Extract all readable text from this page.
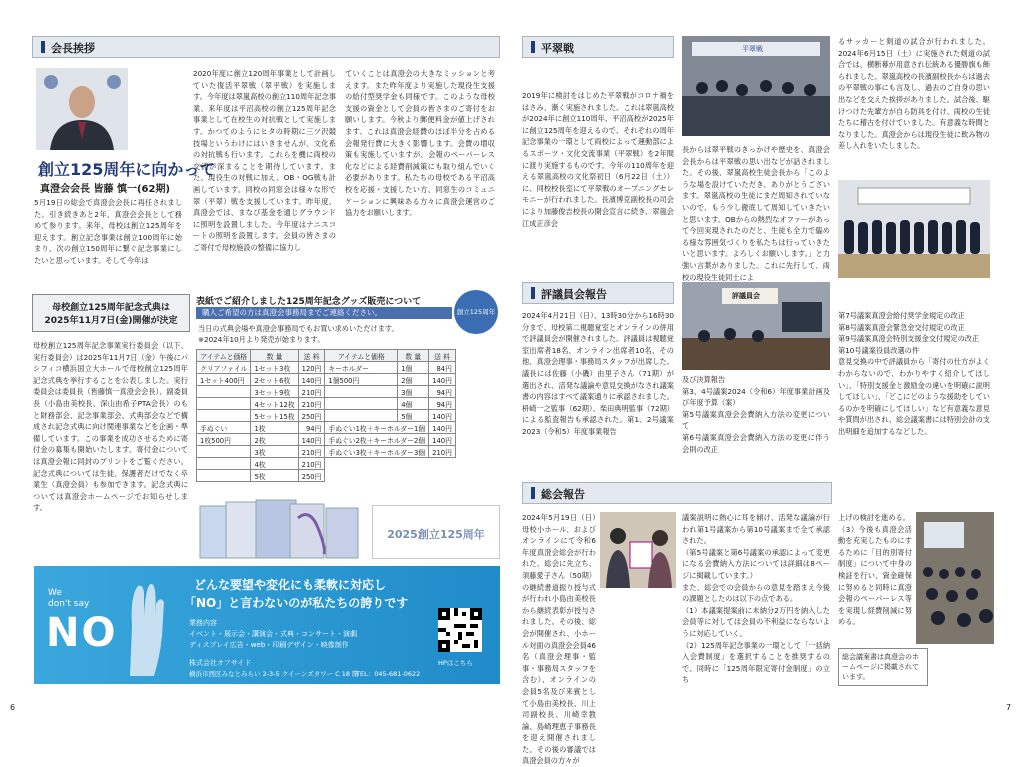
会長挨拶
創立125周年に向かって
真澄会会長 皆藤 慎一(62期)
5月19日の総会で真澄会会長に再任されました。引き続きあと2年、真澄会会長として務めて参ります。来年、母校は創立125周年を迎えます。創立記念事業は創立100周年に始まり、次の創立150周年に繋ぐ記念事業にしたいと思っています。そして今年は
2020年度に創立120周年事業として計画していた復活平翠戦（翠平戦）を実施します。今年度は翠嵐高校の創立110周年記念事業、来年度は平沼高校の創立125周年記念事業として在校生の対抗戦として実施します。かつてのようにヒタの時期に三ツ沢競技場というわけにはいきませんが、文化系の対抗戦も行います。これらを機に両校の交流が深まることを期待しています。また、現役生の対戦に加え、OB・OG戦も計画しています。同校の同窓会は様々な形で翠（平翠）戦を支援しています。昨年度、真澄会では、まなび基金を通じグラウンドに照明を設置しました。今年度はナニスコートの照明を設置します。会員の皆さまのご寄付で母校施設の整備に協力し
ていくことは真澄会の大きなミッションと考えます。また昨年度より実施した現役生支援の給付型奨学金も同様です。このような母校支援の資金として会員の皆さまのご寄付をお願いします。今秋より郵便料金が値上げされます。これは真澄会経費のほぼ半分を占める会報発行費に大きく影響します。会費の増収策も実施していますが、会報のペーパーレス化などによる経費削減策にも取り組んでいく必要があります。私たちの母校である平沼高校を応援・支援したい方、同窓生のコミュニケーションに興味ある方々に真澄会運営のご協力をお願いします。
母校創立125周年記念式典は
2025年11月7日(金)開催が決定
母校創立125周年記念事業実行委員会（以下、実行委員会）は2025年11月7日（金）午後にパシフィコ横浜国立大ホールで母校創立125周年記念式典を挙行することを公表しました。実行委員会は委員長（皆藤慎一真澄会会長）、副委員長（小島由美校長、深山由希子PTA会長）のもと財務部会、記念事業部会、式典部会などで構成され記念式典に向け関連事業などを企画・準備しています。この事業を成功させるために寄付金の募集も開始いたします。寄付金については真澄会報に同封のプリントをご覧ください。記念式典については生徒、保護者だけでなく卒業生（真澄会員）も参加できます。記念式典については真澄会ホームページでお知らせします。
表紙でご紹介しました125周年記念グッズ販売について
購入ご希望の方は真澄会事務局までご連絡ください。
当日の式典会場や真澄会事務局でもお買い求めいただけます。
※2024年10月より発売が始まります。
創立125周年
アイテムと価格	数 量	送 料	アイテムと価格	数 量	送 料
クリアファイル	1セット3枚	120円	キーホルダー	1個	84円
1セット400円	2セット6枚	140円	1個500円	2個	140円
	3セット9枚	210円		3個	94円
	4セット12枚	210円		4個	94円
	5セット15枚	250円		5個	140円
手ぬぐい	1枚	94円	手ぬぐい1枚＋キーホルダー1個		140円
1枚500円	2枚	140円	手ぬぐい2枚＋キーホルダー2個		140円
	3枚	210円	手ぬぐい3枚＋キーホルダー3個		210円
	4枚	210円			
	5枚	250円			
2025創立125周年
We
don't say
NO
どんな要望や変化にも柔軟に対応し
「NO」と言わないのが私たちの誇りです
業務内容
イベント・展示会・講演会・式典・コンサート・演劇
ディスプレイ広告・web・印刷デザイン・映像制作
株式会社オフサイド
横浜市西区みなとみらい 2-3-5 クイーンズタワー C 18 階
TEL：045-681-0622
HPはこちら
6
平翠戦	平翠戦
2019年に検討をはじめた平翠戦がコロナ禍をはさみ、漸く実施されました。これは翠嵐高校が2024年に創立110周年、平沼高校が2025年に創立125周年を迎えるので、それぞれの周年記念事業の一環として両校によって運動部によるスポーツ・文化交流事業（平翠戦）を2年間に渡り実施するものです。今年の110周年を迎える翠嵐高校の文化祭初日（6月22日（土））に、同校校長室にて平翠戦のオープニングセレモニーが行われました。長濱博克副校長の司会により加藤俊吉校長の開会宣言に続き、翠嵐会江成正彦会
長からは翠平戦のきっかけや歴史を、真澄会会長からは平翠戦の思い出などが話されました。その後、翠嵐高校生徒会長から「このような場を設けていただき、ありがとうございます。翠嵐高校の生徒にまだ周知されていないので、もう少し徹底して周知していきたいと思います。OBからの熱烈なオファーがあって今回実現されたのだと、生徒も全力で臨める様な雰囲気づくりを私たちは行っていきたいと思います。よろしくお願いします。」と力強い言葉がありました。これに先行して、両校の現役生徒同士によ
るサッカーと剣道の試合が行われました。2024年6月15日（土）に実施された剣道の試合では、横断幕が用意され伝統ある優勝旗も飾られました。翠嵐高校の長濱副校長からは過去の平翠戦の事にも言及し、過去のご自身の思い出などを交えた挨拶がありました。試合後、駆けつけた先輩方が自ら防具を付け、両校の生徒たちに稽古を付けていました。有意義な時間となりました。真澄会からは現役生徒に飲み物の差し入れをいたしました。
評議員会報告
2024年4月21日（日）、13時30分から16時30分まで、母校第二視聴覚室とオンラインの併用で評議員会が開催されました。評議員は視聴覚室出席者18名、オンライン出席者10名、その他、真澄会理事・事務局スタッフが出席した。議長には佐藤（小磯）由里子さん（71期）が選出され、活発な議論や意見交換がなされ議案書の内容はすべて議案通りに承認されました。枡崎一之監事（62期）、柴田典明監事（72期）による監査報告も承認された。第1、2号議案2023（令和5）年度事業報告
評議員会
及び決算報告
第3、4号議案2024（令和6）年度事業計画及び年度予算（案）
第5号議案真澄会会費納入方法の変更について
第6号議案真澄会会費納入方法の変更に伴う会則の改正
第7号議案真澄会給付奨学金規定の改正
第8号議案真澄会緊急金交付規定の改正
第9号議案真澄会特別支援金交付規定の改正
第10号議案役員改選の件
意見交換の中で評議員から「寄付の仕方がよくわからないので、わかりやすく紹介してほしい」、「特別支援金と激励金の違いを明確に説明してほしい」、「どこにどのような援助をしているのかを明確にしてほしい」など有意義な意見や質問が出され、総会議案書には特別会計の支出明細を追加するなどした。
総会報告
2024年5月19日（日）母校小ホール、およびオンラインにて令和6年度真澄会総会が行われた。総会に先立ち、須藤愛子さん（50期）の継続書道振り授与式が行われ小島由美校長から継続表彰が授与されました。その後、総会が開催され、小ホール対面の真澄会会員46名（真澄会理事・監事・事務局スタッフを含む）、オンラインの会員5名及び来賓として小島由美校長、川上司副校長、川崎幸教論、島崎理恵子事務長を迎え開催されました。その後の審議では真澄会員の方々が
議案説明に熱心に耳を傾け、活発な議論が行われ第1号議案から第10号議案まで全て承認された。
（第5号議案と第6号議案の承認によって変更になる会費納入方法については詳細は8ページに掲載しています。）
また、総会での会員からの意見を踏まえ今後の課題としたのは以下の点である。
（1）本議案提案前に未納分2万円を納入した会員等に対しては会員の不利益にならないように対応していく。
（2）125周年記念事業の一環として「一括納入会費制度」を選択することを推奨するので、同時に「125周年限定寄付金制度」の立ち
上げの検討を進める。
（3）今後も真澄会活動を充実したものにするために「目的別寄付制度」について中身の検証を行い、資金確保に努めると同時に真澄会報のペーパーレス等を実現し経費削減に努める。
総会議案書は真澄会のホームページに掲載されています。
7
